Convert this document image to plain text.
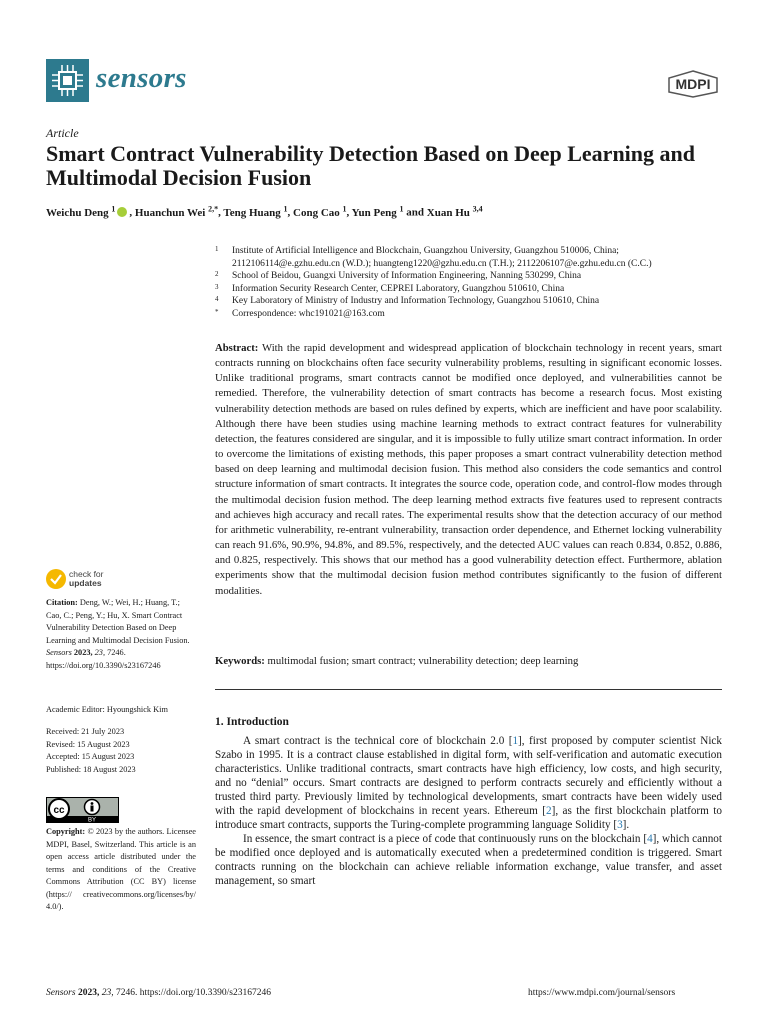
sensors	MDPI
Article
Smart Contract Vulnerability Detection Based on Deep Learning and Multimodal Decision Fusion
Weichu Deng $^1$ , Huanchun Wei $^{2,*}$, Teng Huang $^1$, Cong Cao $^1$, Yun Peng $^1$ and Xuan Hu $^{3,4}$
1 Institute of Artificial Intelligence and Blockchain, Guangzhou University, Guangzhou 510006, China;
2112106114@e.gzhu.edu.cn (W.D.); huangteng1220@gzhu.edu.cn (T.H.); 2112206107@e.gzhu.edu.cn (C.C.)
2 School of Beidou, Guangxi University of Information Engineering, Nanning 530299, China
3 Information Security Research Center, CEPREI Laboratory, Guangzhou 510610, China
4 Key Laboratory of Ministry of Industry and Information Technology, Guangzhou 510610, China
* Correspondence: whc191021@163.com
Abstract: With the rapid development and widespread application of blockchain technology in recent years, smart contracts running on blockchains often face security vulnerability problems, resulting in significant economic losses. Unlike traditional programs, smart contracts cannot be modified once deployed, and vulnerabilities cannot be remedied. Therefore, the vulnerability detection of smart contracts has become a research focus. Most existing vulnerability detection methods are based on rules defined by experts, which are inefficient and have poor scalability. Although there have been studies using machine learning methods to extract contract features for vulnerability detection, the features considered are singular, and it is impossible to fully utilize smart contract information. In order to overcome the limitations of existing methods, this paper proposes a smart contract vulnerability detection method based on deep learning and multimodal decision fusion. This method also considers the code semantics and control structure information of smart contracts. It integrates the source code, operation code, and control-flow modes through the multimodal decision fusion method. The deep learning method extracts five features used to represent contracts and achieves high accuracy and recall rates. The experimental results show that the detection accuracy of our method for arithmetic vulnerability, re-entrant vulnerability, transaction order dependence, and Ethernet locking vulnerability can reach 91.6%, 90.9%, 94.8%, and 89.5%, respectively, and the detected AUC values can reach 0.834, 0.852, 0.886, and 0.825, respectively. This shows that our method has a good vulnerability detection effect. Furthermore, ablation experiments show that the multimodal decision fusion method contributes significantly to the fusion of different modalities.
Keywords: multimodal fusion; smart contract; vulnerability detection; deep learning
1. Introduction

A smart contract is the technical core of blockchain 2.0 [1], first proposed by computer scientist Nick Szabo in 1995. It is a contract clause established in digital form, with self-verification and automatic execution characteristics. Unlike traditional contracts, smart contracts have high efficiency, low costs, and high security, and no “denial” occurs. Smart contracts are designed to perform contracts securely and efficiently without a trusted third party. Previously limited by technological developments, smart contracts have been widely used with the rapid development of blockchains in recent years. Ethereum [2], as the first blockchain platform to introduce smart contracts, supports the Turing-complete programming language Solidity [3].

In essence, the smart contract is a piece of code that continuously runs on the blockchain [4], which cannot be modified once deployed and is automatically executed when a predetermined condition is triggered. Smart contracts running on the blockchain can achieve reliable information exchange, value transfer, and asset management, so smart

check for
updates
Citation: Deng, W.; Wei, H.; Huang, T.; Cao, C.; Peng, Y.; Hu, X. Smart Contract Vulnerability Detection Based on Deep Learning and Multimodal Decision Fusion. Sensors 2023, 23, 7246. https://doi.org/10.3390/s23167246
Academic Editor: Hyoungshick Kim
Received: 21 July 2023
Revised: 15 August 2023
Accepted: 15 August 2023
Published: 18 August 2023
cc
BY
Copyright: © 2023 by the authors. Licensee MDPI, Basel, Switzerland. This article is an open access article distributed under the terms and conditions of the Creative Commons Attribution (CC BY) license (https:// creativecommons.org/licenses/by/ 4.0/).
Sensors 2023, 23, 7246. https://doi.org/10.3390/s23167246	https://www.mdpi.com/journal/sensors
